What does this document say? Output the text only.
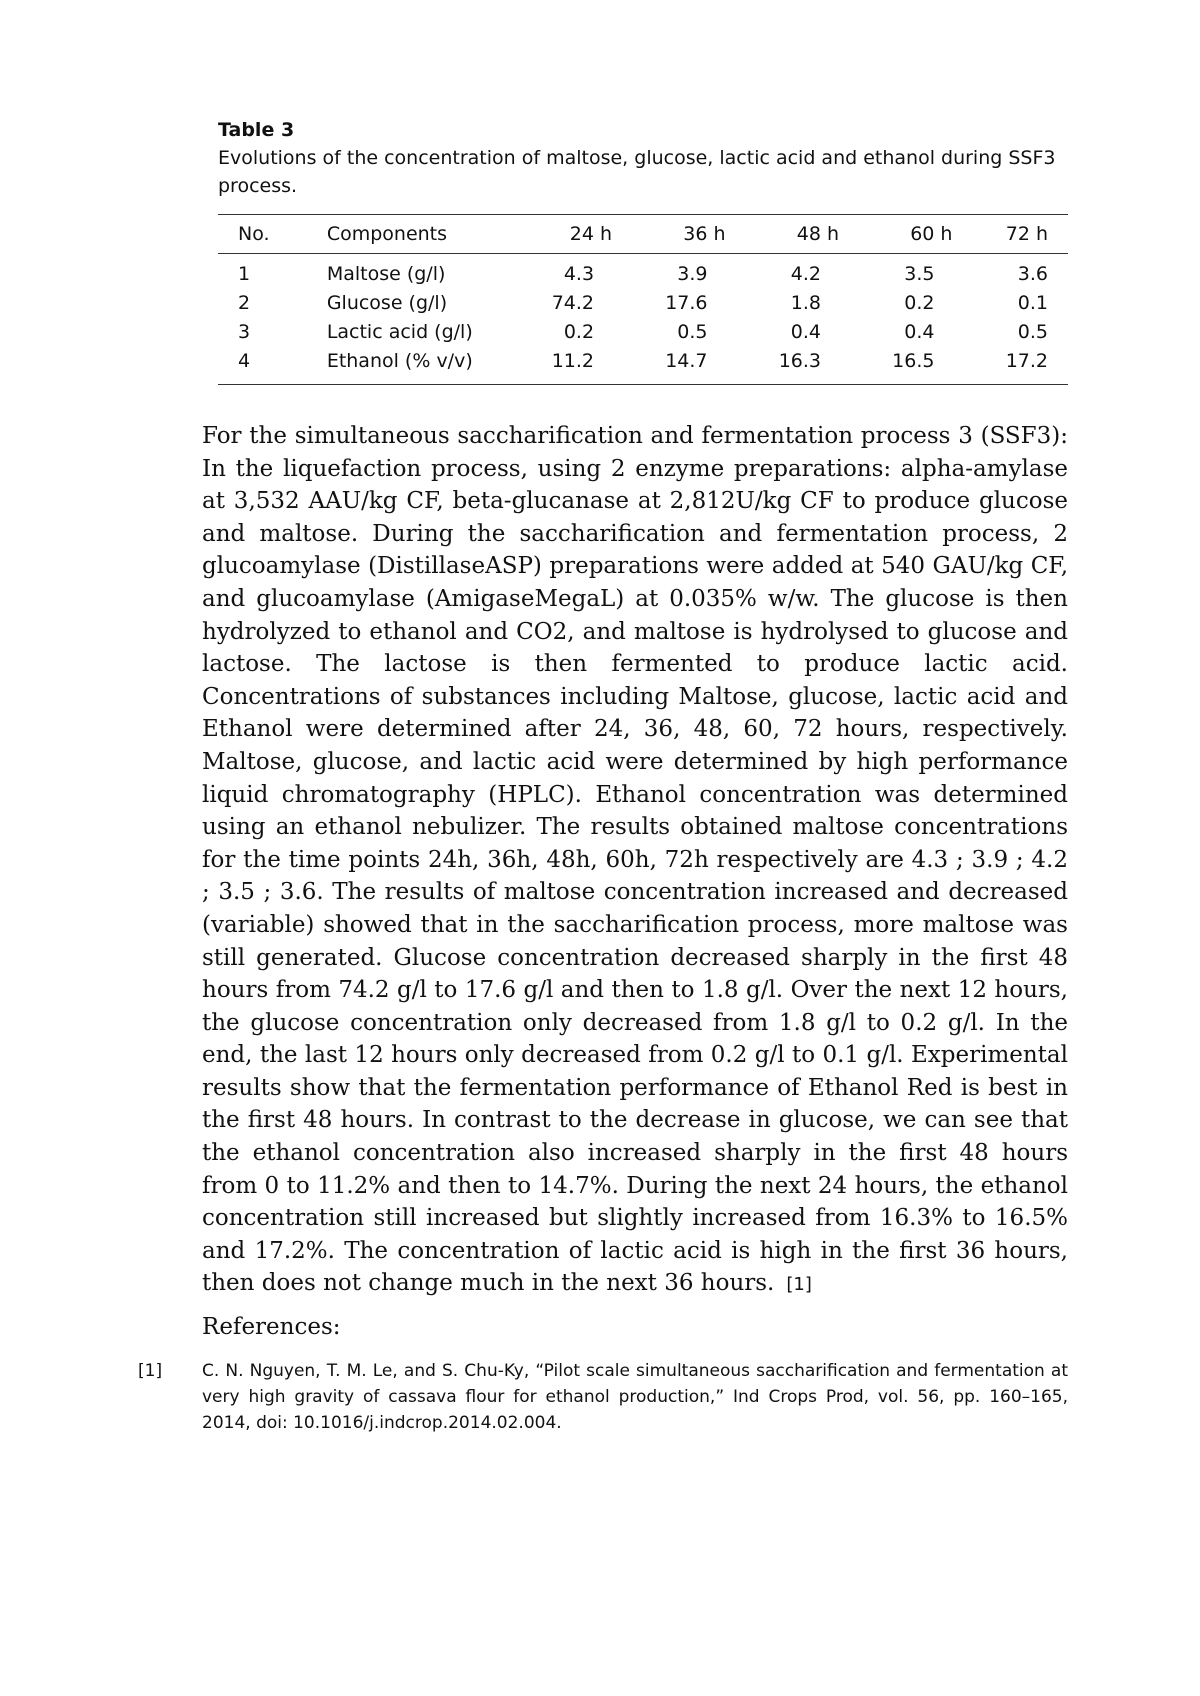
Table 3

Evolutions of the concentration of maltose, glucose, lactic acid and ethanol during SSF3 process.

No.	Components	24 h	36 h	48 h	60 h	72 h
1	Maltose (g/l)	4.3	3.9	4.2	3.5	3.6
2	Glucose (g/l)	74.2	17.6	1.8	0.2	0.1
3	Lactic acid (g/l)	0.2	0.5	0.4	0.4	0.5
4	Ethanol (% v/v)	11.2	14.7	16.3	16.5	17.2

For the simultaneous saccharification and fermentation process 3 (SSF3): In the liquefaction process, using 2 enzyme preparations: alpha-amylase at 3,532 AAU/kg CF, beta-glucanase at 2,812U/kg CF to produce glucose and maltose. During the saccharification and fermentation process, 2 glucoamylase (DistillaseASP) preparations were added at 540 GAU/kg CF, and glucoamylase (AmigaseMegaL) at 0.035% w/w. The glucose is then hydrolyzed to ethanol and CO2, and maltose is hydrolysed to glucose and lactose. The lactose is then fermented to produce lactic acid. Concentrations of substances including Maltose, glucose, lactic acid and Ethanol were determined after 24, 36, 48, 60, 72 hours, respectively. Maltose, glucose, and lactic acid were determined by high performance liquid chromatography (HPLC). Ethanol concentration was determined using an ethanol nebulizer. The results obtained maltose concentrations for the time points 24h, 36h, 48h, 60h, 72h respectively are 4.3 ; 3.9 ; 4.2 ; 3.5 ; 3.6. The results of maltose concentration increased and decreased (variable) showed that in the saccharification process, more maltose was still generated. Glucose concentration decreased sharply in the first 48 hours from 74.2 g/l to 17.6 g/l and then to 1.8 g/l. Over the next 12 hours, the glucose concentration only decreased from 1.8 g/l to 0.2 g/l. In the end, the last 12 hours only decreased from 0.2 g/l to 0.1 g/l. Experimental results show that the fermentation performance of Ethanol Red is best in the first 48 hours. In contrast to the decrease in glucose, we can see that the ethanol concentration also increased sharply in the first 48 hours from 0 to 11.2% and then to 14.7%. During the next 24 hours, the ethanol concentration still increased but slightly increased from 16.3% to 16.5% and 17.2%. The concentration of lactic acid is high in the first 36 hours, then does not change much in the next 36 hours. [1]

References:
[1] C. N. Nguyen, T. M. Le, and S. Chu-Ky, “Pilot scale simultaneous saccharification and fermentation at very high gravity of cassava flour for ethanol production,” Ind Crops Prod, vol. 56, pp. 160–165, 2014, doi: 10.1016/j.indcrop.2014.02.004.
